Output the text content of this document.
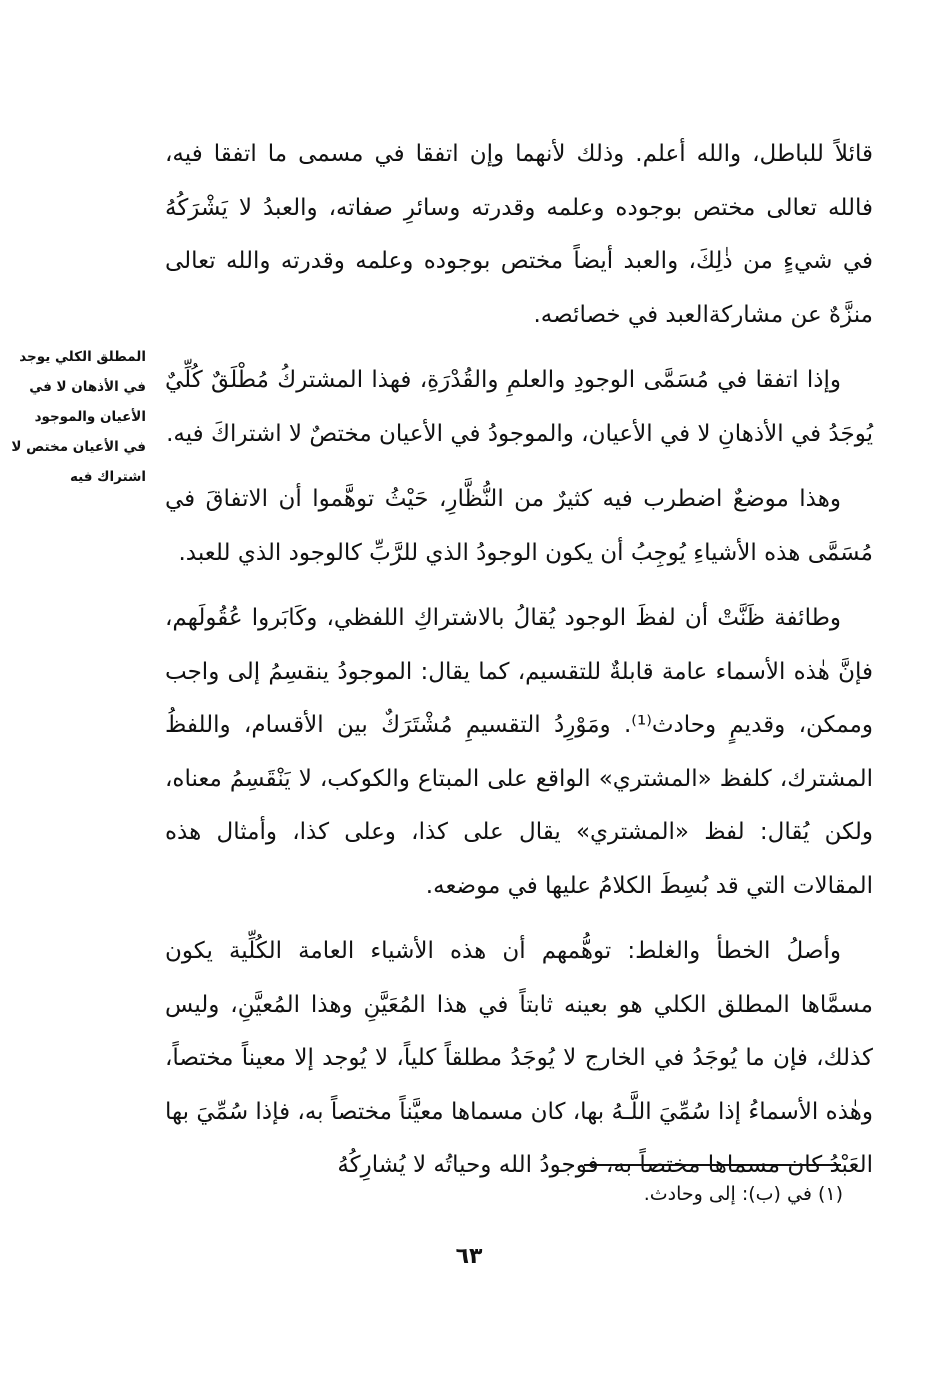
المطلق الكلي يوجد في الأذهان لا في الأعيان والموجود في الأعيان مختص لا اشتراك فيه

قائلاً للباطل، والله أعلم. وذلك لأنهما وإن اتفقا في مسمى ما اتفقا فيه، فالله تعالى مختص بوجوده وعلمه وقدرته وسائرِ صفاته، والعبدُ لا يَشْرَكُهُ في شيءٍ من ذٰلِكَ، والعبد أيضاً مختص بوجوده وعلمه وقدرته والله تعالى منزَّهٌ عن مشاركةالعبد في خصائصه.

وإذا اتفقا في مُسَمَّى الوجودِ والعلمِ والقُدْرَةِ، فهذا المشتركُ مُطْلَقٌ كُلِّيٌ يُوجَدُ في الأذهانِ لا في الأعيان، والموجودُ في الأعيان مختصٌ لا اشتراكَ فيه.

وهذا موضعٌ اضطرب فيه كثيرٌ من النُّظَّارِ، حَيْثُ توهَّموا أن الاتفاقَ في مُسَمَّى هذه الأشياءِ يُوجِبُ أن يكون الوجودُ الذي للرَّبِّ كالوجود الذي للعبد.

وطائفة ظَنَّتْ أن لفظَ الوجود يُقالُ بالاشتراكِ اللفظي، وكَابَروا عُقُولَهم، فإنَّ هٰذه الأسماء عامة قابلةٌ للتقسيم، كما يقال: الموجودُ ينقسِمُ إلى واجب وممكن، وقديمٍ وحادث⁽¹⁾. ومَوْرِدُ التقسيمِ مُشْتَرَكٌ بين الأقسام، واللفظُ المشترك، كلفظ «المشتري» الواقع على المبتاع والكوكب، لا يَنْقَسِمُ معناه، ولكن يُقال: لفظ «المشتري» يقال على كذا، وعلى كذا، وأمثال هذه المقالات التي قد بُسِطَ الكلامُ عليها في موضعه.

وأصلُ الخطأ والغلط: توهُّمهم أن هذه الأشياء العامة الكُلِّية يكون مسمَّاها المطلق الكلي هو بعينه ثابتاً في هذا المُعَيَّنِ وهذا المُعيَّنِ، وليس كذلك، فإن ما يُوجَدُ في الخارج لا يُوجَدُ مطلقاً كلياً، لا يُوجد إلا معيناً مختصاً، وهٰذه الأسماءُ إذا سُمِّيَ اللَّـهُ بها، كان مسماها معيَّناً مختصاً به، فإذا سُمِّيَ بها العَبْدُ كان مسماها مختصاً به، فوجودُ الله وحياتُه لا يُشارِكُهُ

(١) في (ب): إلى وحادث.
٦٣
